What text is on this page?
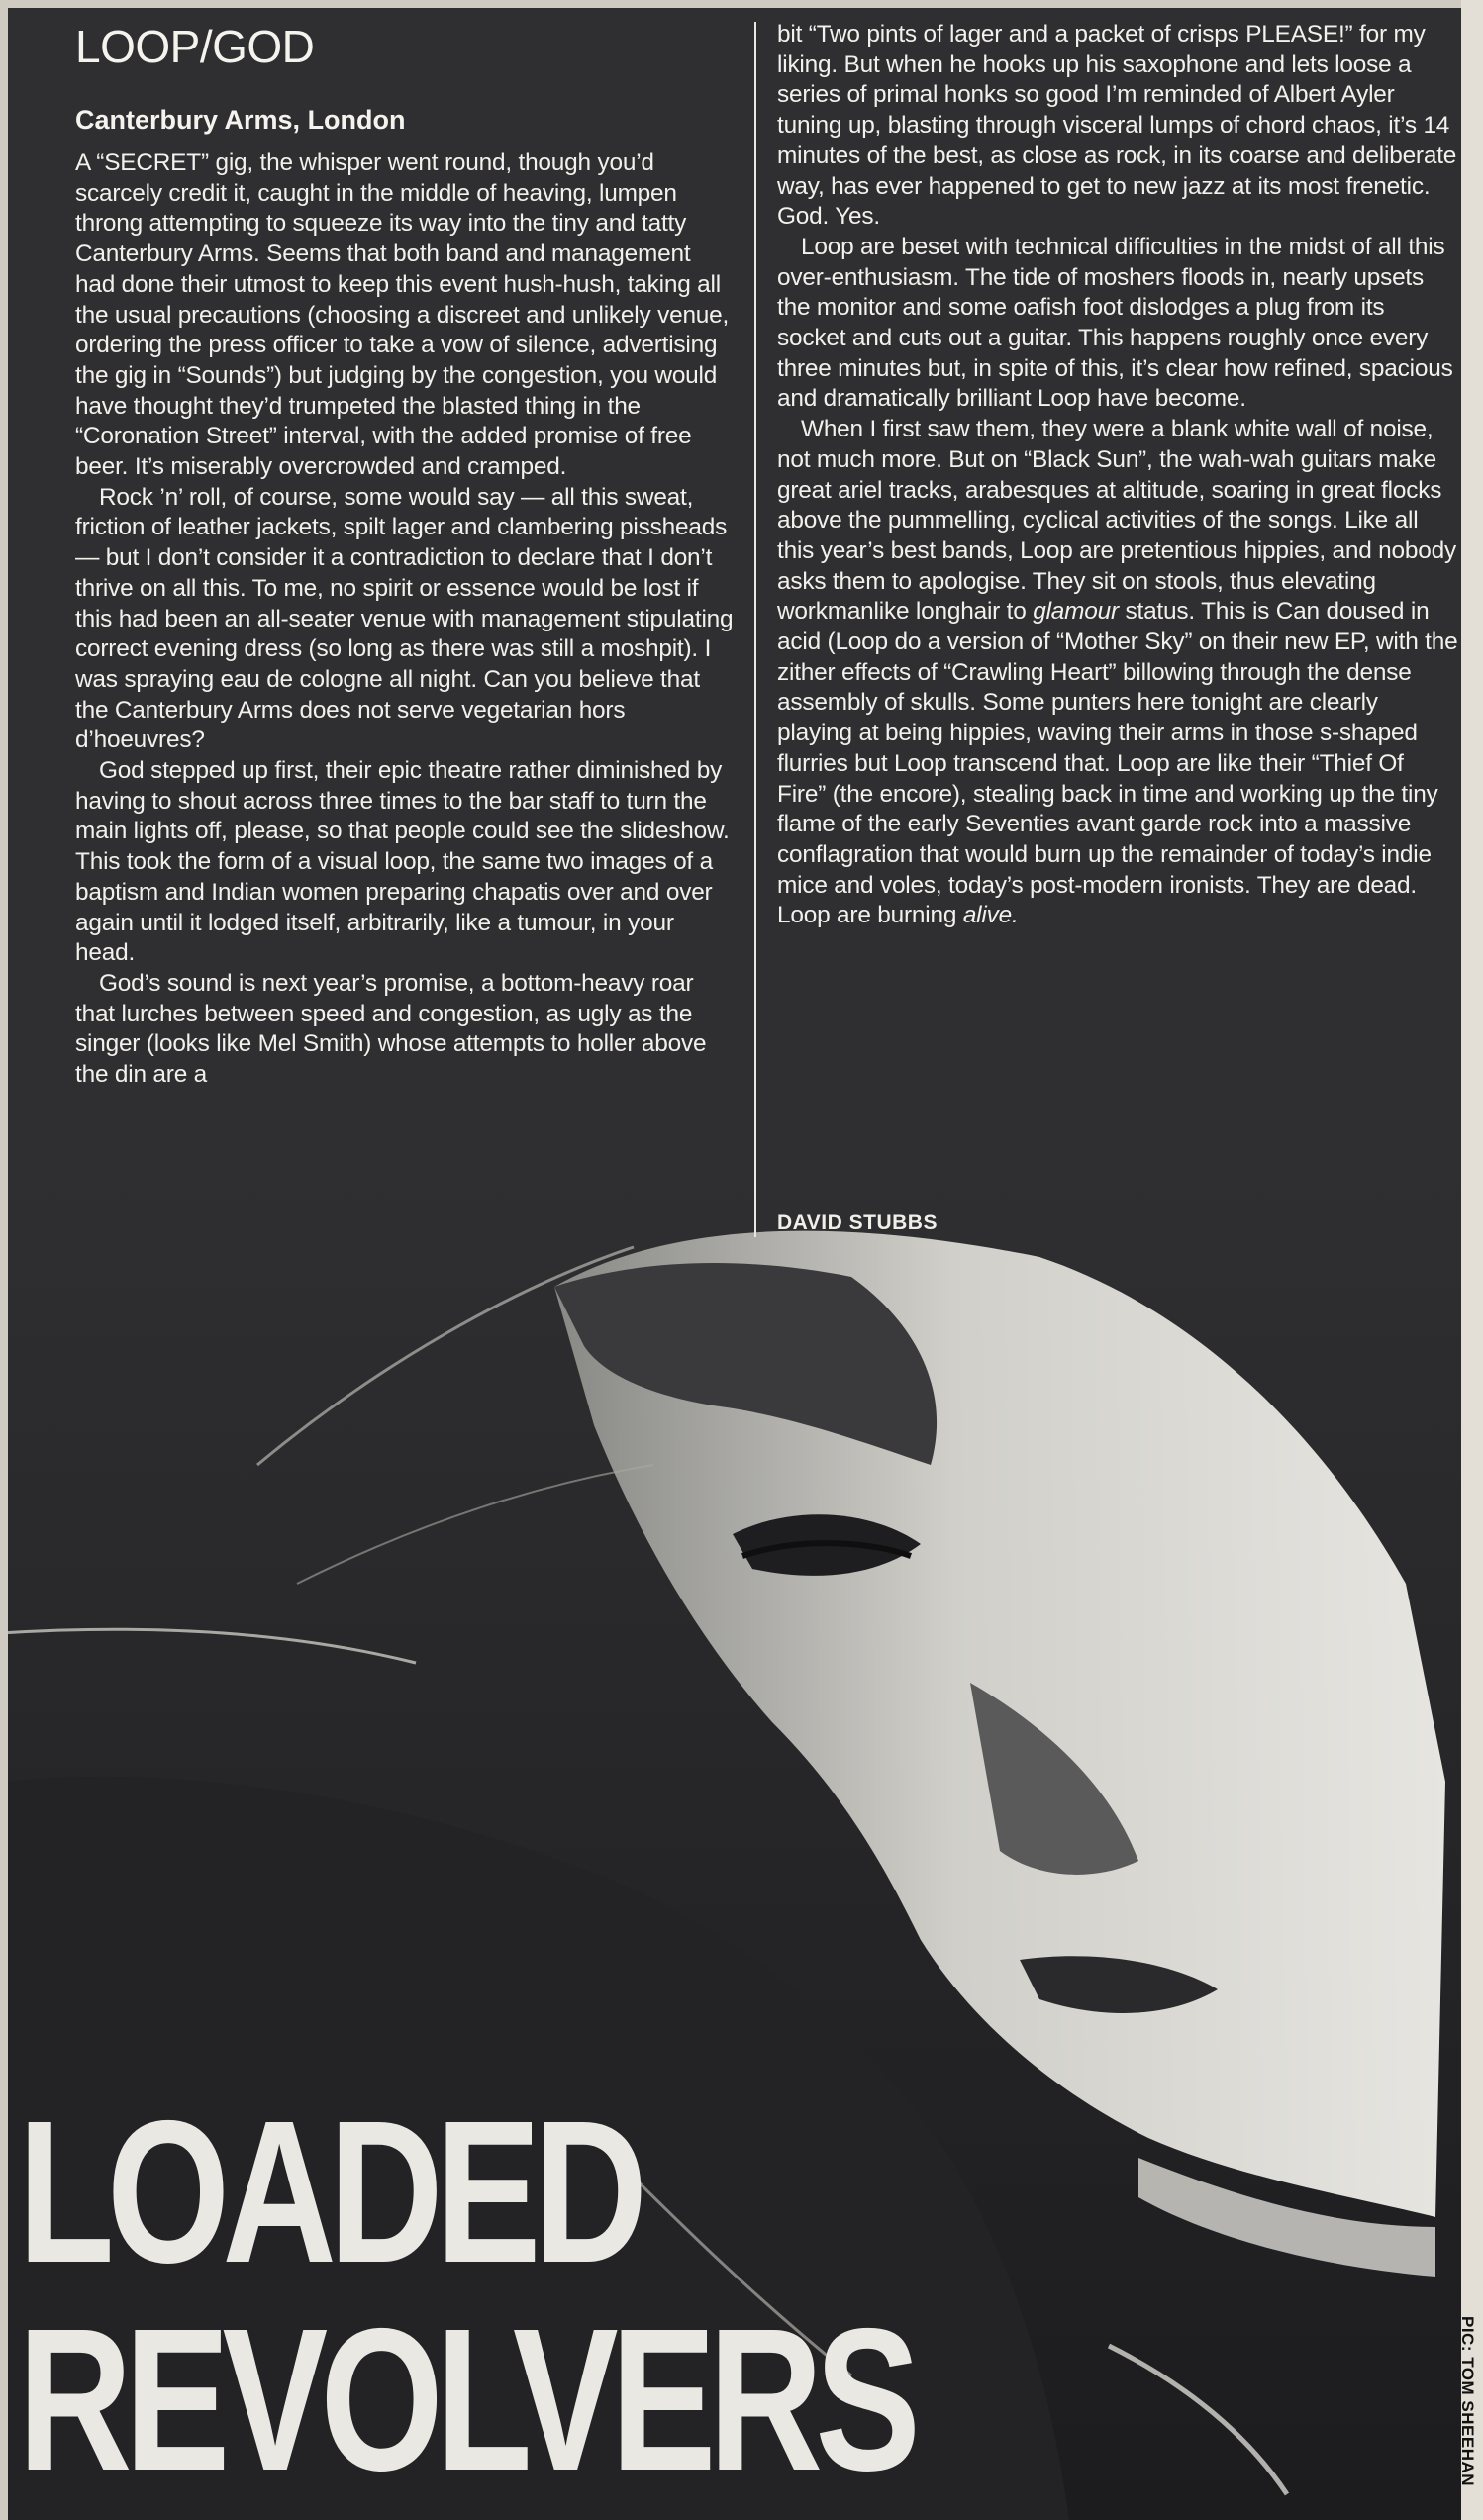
LOOP/GOD
Canterbury Arms, London

A “SECRET” gig, the whisper went round, though you’d scarcely credit it, caught in the middle of heaving, lumpen throng attempting to squeeze its way into the tiny and tatty Canterbury Arms. Seems that both band and management had done their utmost to keep this event hush-hush, taking all the usual precautions (choosing a discreet and unlikely venue, ordering the press officer to take a vow of silence, advertising the gig in “Sounds”) but judging by the congestion, you would have thought they’d trumpeted the blasted thing in the “Coronation Street” interval, with the added promise of free beer. It’s miserably overcrowded and cramped.

Rock ’n’ roll, of course, some would say — all this sweat, friction of leather jackets, spilt lager and clambering pissheads — but I don’t consider it a contradiction to declare that I don’t thrive on all this. To me, no spirit or essence would be lost if this had been an all-seater venue with management stipulating correct evening dress (so long as there was still a moshpit). I was spraying eau de cologne all night. Can you believe that the Canterbury Arms does not serve vegetarian hors d’hoeuvres?

God stepped up first, their epic theatre rather diminished by having to shout across three times to the bar staff to turn the main lights off, please, so that people could see the slideshow. This took the form of a visual loop, the same two images of a baptism and Indian women preparing chapatis over and over again until it lodged itself, arbitrarily, like a tumour, in your head.

God’s sound is next year’s promise, a bottom-heavy roar that lurches between speed and congestion, as ugly as the singer (looks like Mel Smith) whose attempts to holler above the din are a

bit “Two pints of lager and a packet of crisps PLEASE!” for my liking. But when he hooks up his saxophone and lets loose a series of primal honks so good I’m reminded of Albert Ayler tuning up, blasting through visceral lumps of chord chaos, it’s 14 minutes of the best, as close as rock, in its coarse and deliberate way, has ever happened to get to new jazz at its most frenetic. God. Yes.

Loop are beset with technical difficulties in the midst of all this over-enthusiasm. The tide of moshers floods in, nearly upsets the monitor and some oafish foot dislodges a plug from its socket and cuts out a guitar. This happens roughly once every three minutes but, in spite of this, it’s clear how refined, spacious and dramatically brilliant Loop have become.

When I first saw them, they were a blank white wall of noise, not much more. But on “Black Sun”, the wah-wah guitars make great ariel tracks, arabesques at altitude, soaring in great flocks above the pummelling, cyclical activities of the songs. Like all this year’s best bands, Loop are pretentious hippies, and nobody asks them to apologise. They sit on stools, thus elevating workmanlike longhair to glamour status. This is Can doused in acid (Loop do a version of “Mother Sky” on their new EP, with the zither effects of “Crawling Heart” billowing through the dense assembly of skulls. Some punters here tonight are clearly playing at being hippies, waving their arms in those s-shaped flurries but Loop transcend that. Loop are like their “Thief Of Fire” (the encore), stealing back in time and working up the tiny flame of the early Seventies avant garde rock into a massive conflagration that would burn up the remainder of today’s indie mice and voles, today’s post-modern ironists. They are dead. Loop are burning alive.

DAVID STUBBS
LOADED
REVOLVERS	PIC: TOM SHEEHAN
